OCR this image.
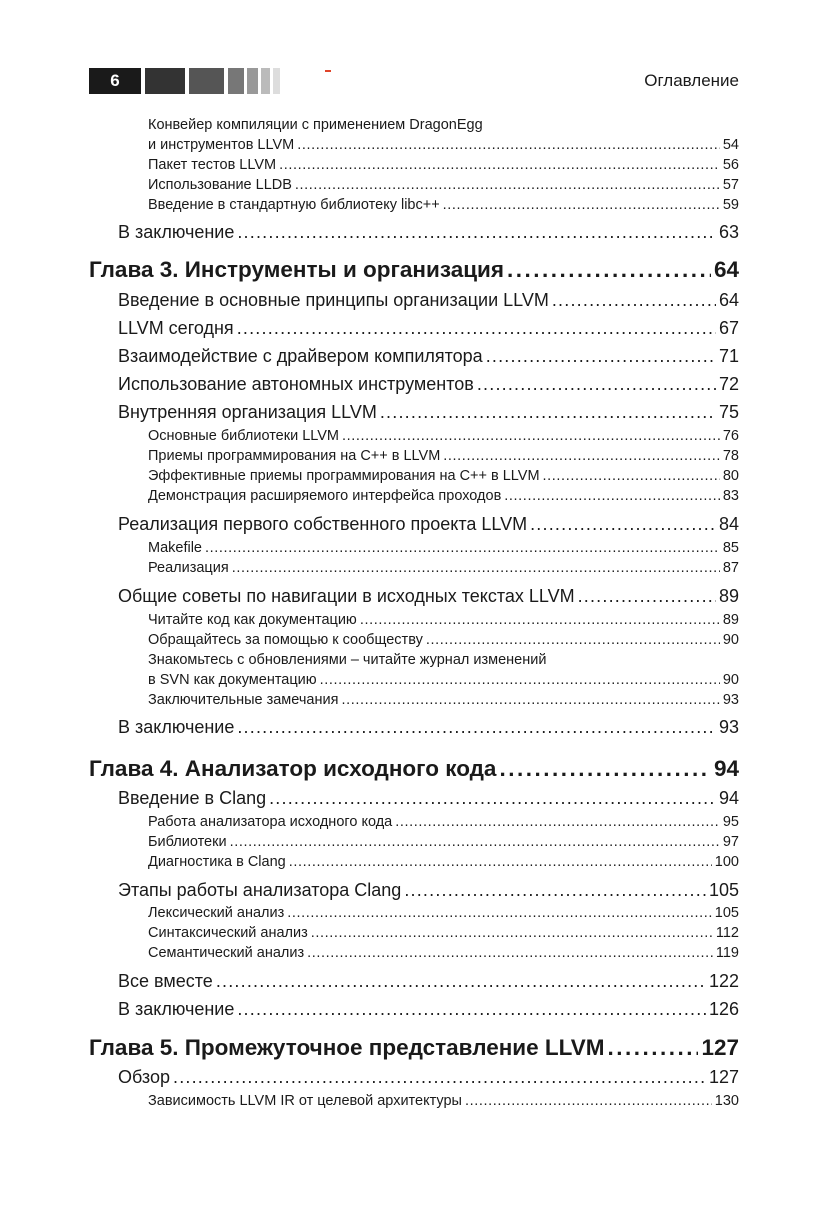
6	Оглавление
Конвейер компиляции с применением DragonEgg
и инструментов LLVM .....	54
Пакет тестов LLVM .....	56
Использование LLDB .....	57
Введение в стандартную библиотеку libc++ .....	59
В заключение .....	63
Глава 3. Инструменты и организация .....	64
Введение в основные принципы организации LLVM .....	64
LLVM сегодня .....	67
Взаимодействие с драйвером компилятора .....	71
Использование автономных инструментов .....	72
Внутренняя организация LLVM .....	75
Основные библиотеки LLVM .....	76
Приемы программирования на C++ в LLVM .....	78
Эффективные приемы программирования на C++ в LLVM .....	80
Демонстрация расширяемого интерфейса проходов .....	83
Реализация первого собственного проекта LLVM .....	84
Makefile .....	85
Реализация .....	87
Общие советы по навигации в исходных текстах LLVM .....	89
Читайте код как документацию .....	89
Обращайтесь за помощью к сообществу .....	90
Знакомьтесь с обновлениями – читайте журнал изменений
в SVN как документацию .....	90
Заключительные замечания .....	93
В заключение .....	93
Глава 4. Анализатор исходного кода .....	94
Введение в Clang .....	94
Работа анализатора исходного кода .....	95
Библиотеки .....	97
Диагностика в Clang .....	100
Этапы работы анализатора Clang .....	105
Лексический анализ .....	105
Синтаксический анализ .....	112
Семантический анализ .....	119
Все вместе .....	122
В заключение .....	126
Глава 5. Промежуточное представление LLVM .....	127
Обзор .....	127
Зависимость LLVM IR от целевой архитектуры .....	130
